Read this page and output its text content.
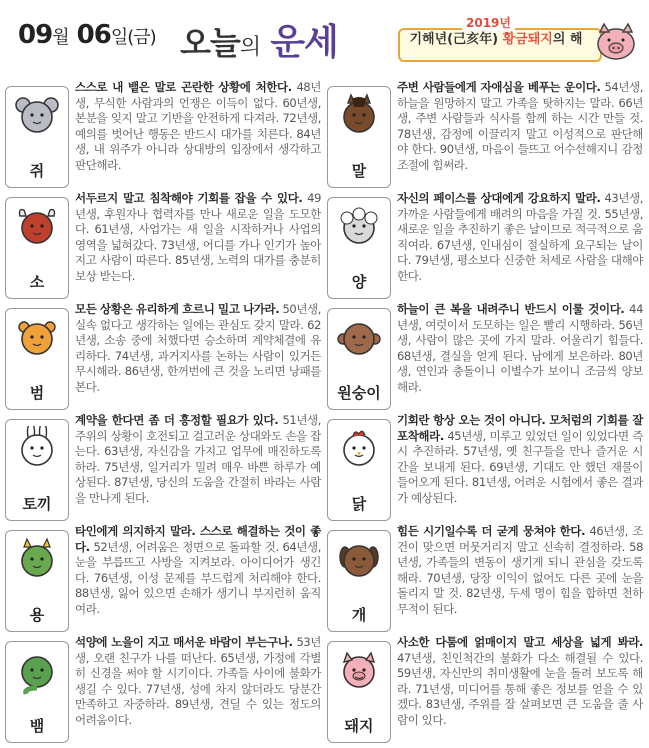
09월 06일(금) 오늘의 운세	2019년
기해년(己亥年) 황금돼지의 해
쥐
스스로 내 뱉은 말로 곤란한 상황에 처한다. 48년생, 무식한 사람과의 언쟁은 이득이 없다. 60년생, 본분을 잊지 말고 기반을 안전하게 다져라. 72년생, 예의를 벗어난 행동은 반드시 대가를 치른다. 84년생, 내 위주가 아니라 상대방의 입장에서 생각하고 판단해라.	말
주변 사람들에게 자애심을 베푸는 운이다. 54년생, 하늘을 원망하지 말고 가족을 탓하지는 말라. 66년생, 주변 사람들과 식사를 함께 하는 시간 만들 것. 78년생, 감정에 이끌리지 말고 이성적으로 판단해야 한다. 90년생, 마음이 들뜨고 어수선해지니 감정 조절에 힘써라.
소
서두르지 말고 침착해야 기회를 잡을 수 있다. 49년생, 후원자나 협력자를 만나 새로운 일을 도모한다. 61년생, 사업가는 새 일을 시작하거나 사업의 영역을 넓혀갔다. 73년생, 어디를 가나 인기가 높아지고 사람이 따른다. 85년생, 노력의 대가를 충분히 보상 받는다.	양
자신의 페이스를 상대에게 강요하지 말라. 43년생, 가까운 사람들에게 배려의 마음을 가질 것. 55년생, 새로운 일을 추진하기 좋은 날이므로 적극적으로 움직여라. 67년생, 인내심이 절실하게 요구되는 날이다. 79년생, 평소보다 신중한 처세로 사람을 대해야 한다.
범
모든 상황은 유리하게 흐르니 밀고 나가라. 50년생, 실속 없다고 생각하는 일에는 관심도 갖지 말라. 62년생, 소송 중에 처했다면 승소하며 계약체결에 유리하다. 74년생, 과거지사를 논하는 사람이 있거든 무시해라. 86년생, 한꺼번에 큰 것을 노리면 낭패를 본다.	원숭이
하늘이 큰 복을 내려주니 반드시 이룰 것이다. 44년생, 여럿이서 도모하는 일은 빨리 시행하라. 56년생, 사람이 많은 곳에 가지 말라. 어울리기 힘들다. 68년생, 결실을 얻게 된다. 남에게 보은하라. 80년생, 연인과 충돌이니 이별수가 보이니 조금씩 양보해라.
토끼
계약을 한다면 좀 더 흥정할 필요가 있다. 51년생, 주위의 상황이 호전되고 걸고러운 상대와도 손을 잡는다. 63년생, 자신감을 가지고 업무에 매진하도록 하라. 75년생, 일거리가 밀려 매우 바쁜 하루가 예상된다. 87년생, 당신의 도움을 간절히 바라는 사람을 만나게 된다.	닭
기회란 항상 오는 것이 아니다. 모처럼의 기회를 잘 포착해라. 45년생, 미루고 있었던 일이 있었다면 즉시 추진하라. 57년생, 옛 친구들을 만나 즐거운 시간을 보내게 된다. 69년생, 기대도 안 했던 재물이 들어오게 된다. 81년생, 어려운 시험에서 좋은 결과가 예상된다.
용
타인에게 의지하지 말라. 스스로 해결하는 것이 좋다. 52년생, 어려움은 정면으로 돌파할 것. 64년생, 눈을 부릅뜨고 사방을 지켜보라. 아이디어가 생긴다. 76년생, 이성 문제를 부드럽게 처리해야 한다. 88년생, 잃어 있으면 손해가 생기니 부지런히 움직여라.	개
힘든 시기일수록 더 굳게 뭉쳐야 한다. 46년생, 조건이 맞으면 머뭇거리지 말고 신속히 결정하라. 58년생, 가족들의 변동이 생기게 되니 관심을 갖도록 해라. 70년생, 당장 이익이 없어도 다른 곳에 눈을 돌리지 말 것. 82년생, 두세 명이 힘을 합하면 천하무적이 된다.
뱀
석양에 노을이 지고 매서운 바람이 부는구나. 53년생, 오랜 친구가 나를 떠난다. 65년생, 가정에 각별히 신경을 써야 할 시기이다. 가족들 사이에 불화가 생길 수 있다. 77년생, 성에 차지 않더라도 당분간 만족하고 자중하라. 89년생, 견딜 수 있는 정도의 어려움이다.	돼지
사소한 다툼에 얽매이지 말고 세상을 넓게 봐라. 47년생, 친인척간의 불화가 다소 해결될 수 있다. 59년생, 자신만의 취미생활에 눈을 돌려 보도록 해라. 71년생, 미디어를 통해 좋은 정보를 얻을 수 있겠다. 83년생, 주위를 잘 살펴보면 큰 도움을 줄 사람이 있다.
